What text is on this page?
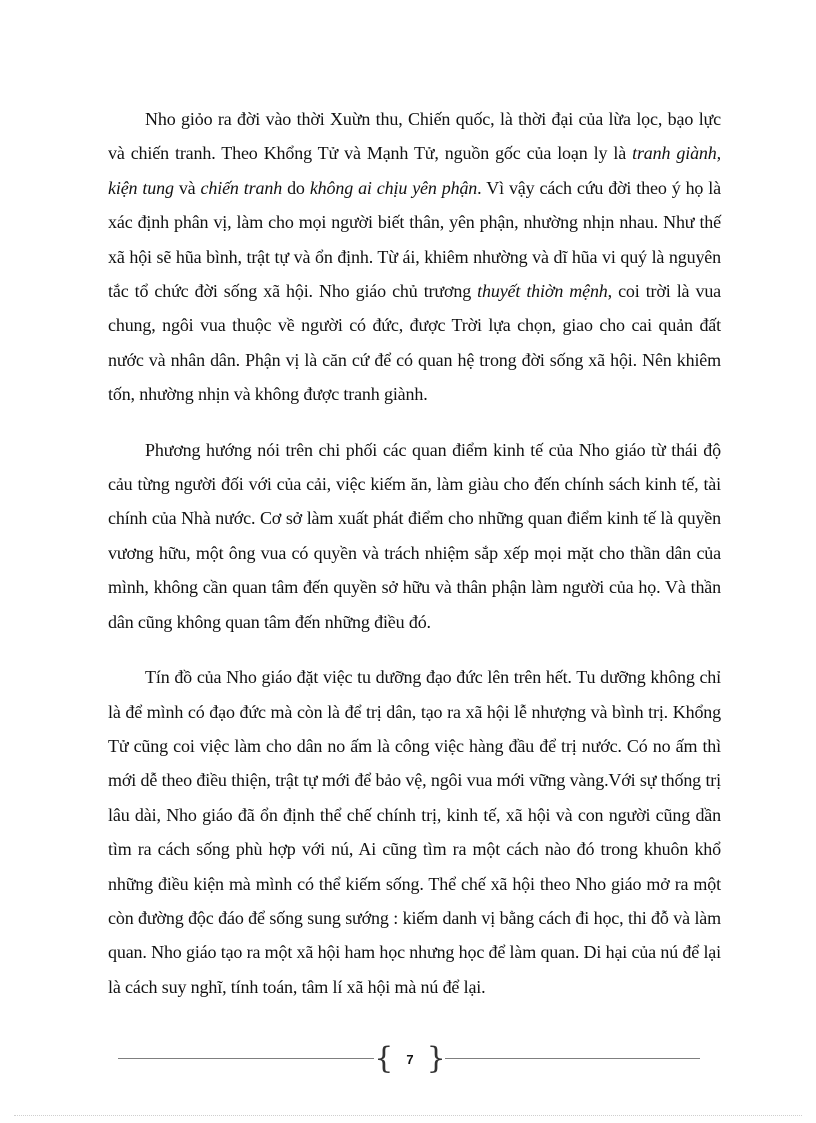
Nho giỏo ra đời vào thời Xuừn thu, Chiến quốc, là thời đại của lừa lọc, bạo lực và chiến tranh. Theo Khổng Tử và Mạnh Tử, nguồn gốc của loạn ly là tranh giành, kiện tung và chiến tranh do không ai chịu yên phận. Vì vậy cách cứu đời theo ý họ là xác định phân vị, làm cho mọi người biết thân, yên phận, nhường nhịn nhau. Như thế xã hội sẽ hũa bình, trật tự và ổn định. Từ ái, khiêm nhường và dĩ hũa vi quý là nguyên tắc tổ chức đời sống xã hội. Nho giáo chủ trương thuyết thiờn mệnh, coi trời là vua chung, ngôi vua thuộc về người có đức, được Trời lựa chọn, giao cho cai quản đất nước và nhân dân. Phận vị là căn cứ để có quan hệ trong đời sống xã hội. Nên khiêm tốn, nhường nhịn và không được tranh giành.

Phương hướng nói trên chi phối các quan điểm kinh tế của Nho giáo từ thái độ cảu từng người đối với của cải, việc kiếm ăn, làm giàu cho đến chính sách kinh tế, tài chính của Nhà nước. Cơ sở làm xuất phát điểm cho những quan điểm kinh tế là quyền vương hữu, một ông vua có quyền và trách nhiệm sắp xếp mọi mặt cho thần dân của mình, không cần quan tâm đến quyền sở hữu và thân phận làm người của họ. Và thần dân cũng không quan tâm đến những điều đó.

Tín đồ của Nho giáo đặt việc tu dưỡng đạo đức lên trên hết. Tu dưỡng không chỉ là để mình có đạo đức mà còn là để trị dân, tạo ra xã hội lễ nhượng và bình trị. Khổng Tử cũng coi việc làm cho dân no ấm là công việc hàng đầu để trị nước. Có no ấm thì mới dễ theo điều thiện, trật tự mới để bảo vệ, ngôi vua mới vững vàng.Với sự thống trị lâu dài, Nho giáo đã ổn định thể chế chính trị, kinh tế, xã hội và con người cũng dần tìm ra cách sống phù hợp với nú, Ai cũng tìm ra một cách nào đó trong khuôn khổ những điều kiện mà mình có thể kiếm sống. Thể chế xã hội theo Nho giáo mở ra một còn đường độc đáo để sống sung sướng : kiếm danh vị bằng cách đi học, thi đỗ và làm quan. Nho giáo tạo ra một xã hội ham học nhưng học để làm quan. Di hại của nú để lại là cách suy nghĩ, tính toán, tâm lí xã hội mà nú để lại.

{ 7 }
